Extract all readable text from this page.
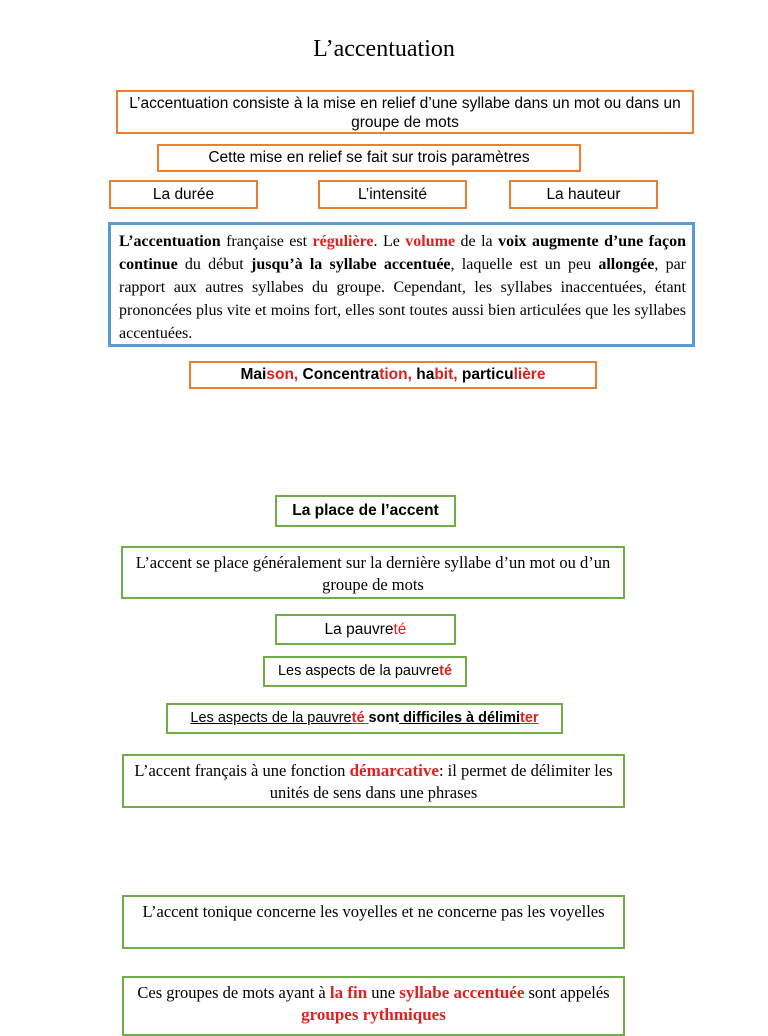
L’accentuation
L’accentuation consiste à la mise en relief d’une syllabe dans un mot ou dans un groupe de mots
Cette mise en relief se fait sur trois paramètres
La durée	L’intensité	La hauteur
L’accentuation française est régulière. Le volume de la voix augmente d’une façon continue du début jusqu’à la syllabe accentuée, laquelle est un peu allongée, par rapport aux autres syllabes du groupe. Cependant, les syllabes inaccentuées, étant prononcées plus vite et moins fort, elles sont toutes aussi bien articulées que les syllabes accentuées.
Maison, Concentration, habit, particulière
La place de l’accent
L’accent se place généralement sur la dernière syllabe d’un mot ou d’un groupe de mots
La pauvreté
Les aspects de la pauvreté
Les aspects de la pauvreté sont difficiles à délimiter
L’accent français à une fonction démarcative: il permet de délimiter les unités de sens dans une phrases
L’accent tonique concerne les voyelles et ne concerne pas les voyelles
Ces groupes de mots ayant à la fin une syllabe accentuée sont appelés groupes rythmiques
